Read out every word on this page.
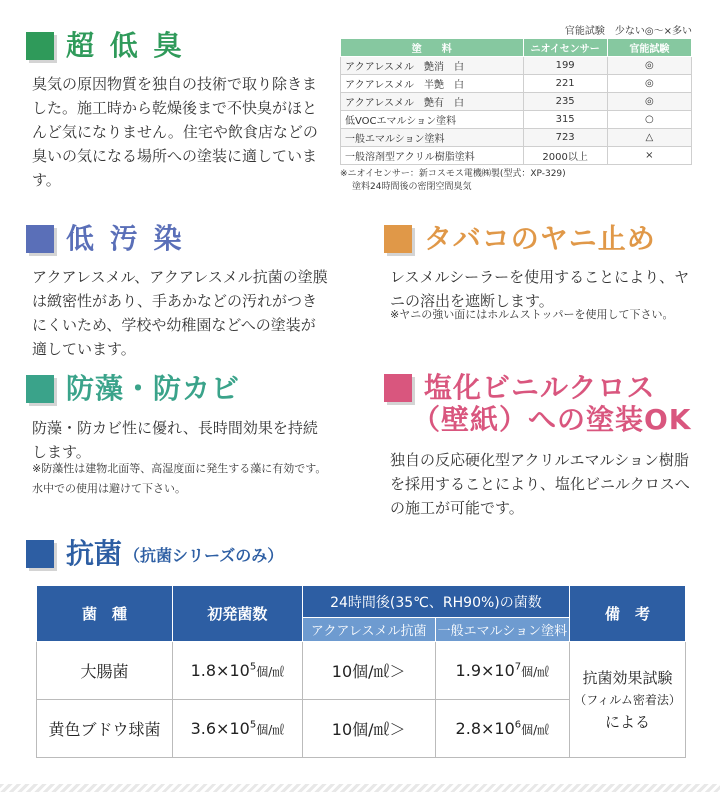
超 低 臭
臭気の原因物質を独自の技術で取り除きました。施工時から乾燥後まで不快臭がほとんど気になりません。住宅や飲食店などの臭いの気になる場所への塗装に適しています。
官能試験　少ない◎〜×多い
塗　　料	ニオイセンサー	官能試験
アクアレスメル　艶消　白	199	◎
アクアレスメル　半艶　白	221	◎
アクアレスメル　艶有　白	235	◎
低VOCエマルション塗料	315	○
一般エマルション塗料	723	△
一般溶剤型アクリル樹脂塗料	2000以上	×
※ニオイセンサー：新コスモス電機㈱製(型式：XP-329)
塗料24時間後の密閉空間臭気
低 汚 染
アクアレスメル、アクアレスメル抗菌の塗膜は緻密性があり、手あかなどの汚れがつきにくいため、学校や幼稚園などへの塗装が適しています。
タバコのヤニ止め
レスメルシーラーを使用することにより、ヤニの溶出を遮断します。
※ヤニの強い面にはホルムストッパーを使用して下さい。
防藻・防カビ
防藻・防カビ性に優れ、長時間効果を持続します。
※防藻性は建物北面等、高湿度面に発生する藻に有効です。水中での使用は避けて下さい。
塩化ビニルクロス
（壁紙）への塗装OK
独自の反応硬化型アクリルエマルション樹脂を採用することにより、塩化ビニルクロスへの施工が可能です。
抗菌 （抗菌シリーズのみ）
菌　種	初発菌数	24時間後(35℃、RH90%)の菌数		備　考
		アクアレスメル抗菌	一般エマルション塗料	
大腸菌	$1.8\times 10^5$個/㎖	10個/㎖＞	$1.9\times 10^7$個/㎖	抗菌効果試験
（フィルム密着法）
による

黄色ブドウ球菌	$3.6\times 10^5$個/㎖	10個/㎖＞	$2.8\times 10^6$個/㎖	
